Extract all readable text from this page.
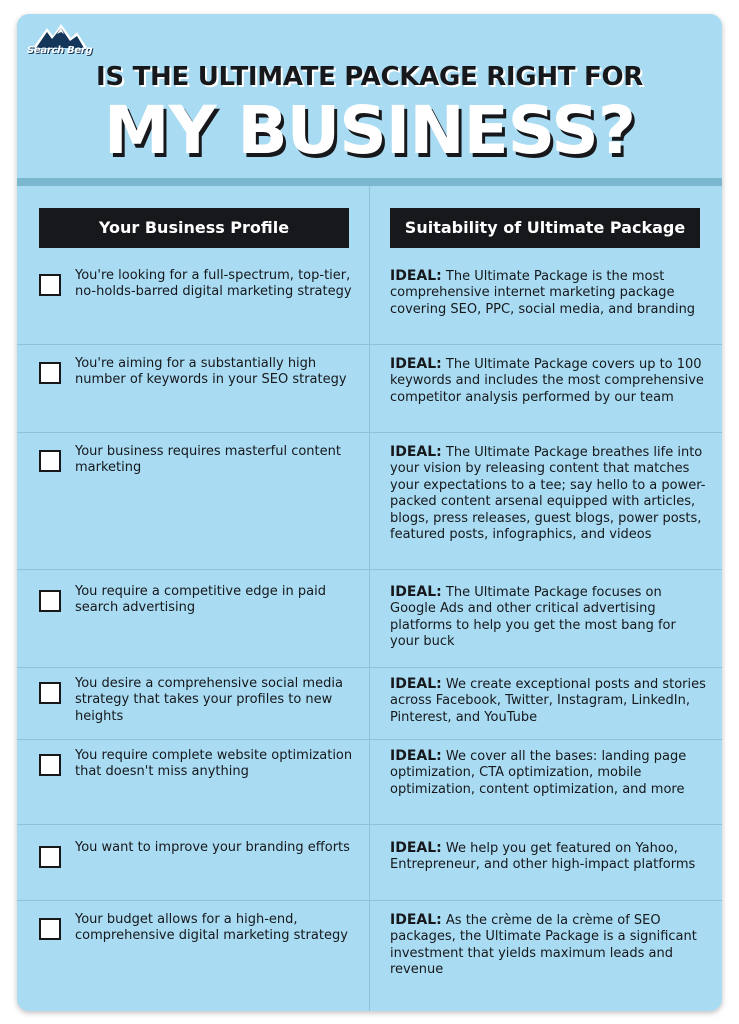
Search Berg
IS THE ULTIMATE PACKAGE RIGHT FOR
MY BUSINESS?
Your Business Profile	Suitability of Ultimate Package
You're looking for a full-spectrum, top-tier, no-holds-barred digital marketing strategy
IDEAL: The Ultimate Package is the most comprehensive internet marketing package covering SEO, PPC, social media, and branding
You're aiming for a substantially high number of keywords in your SEO strategy
IDEAL: The Ultimate Package covers up to 100 keywords and includes the most comprehensive competitor analysis performed by our team
Your business requires masterful content marketing
IDEAL: The Ultimate Package breathes life into your vision by releasing content that matches your expectations to a tee; say hello to a power-packed content arsenal equipped with articles, blogs, press releases, guest blogs, power posts, featured posts, infographics, and videos
You require a competitive edge in paid search advertising
IDEAL: The Ultimate Package focuses on Google Ads and other critical advertising platforms to help you get the most bang for your buck
You desire a comprehensive social media strategy that takes your profiles to new heights
IDEAL: We create exceptional posts and stories across Facebook, Twitter, Instagram, LinkedIn, Pinterest, and YouTube
You require complete website optimization that doesn't miss anything
IDEAL: We cover all the bases: landing page optimization, CTA optimization, mobile optimization, content optimization, and more
You want to improve your branding efforts	IDEAL: We help you get featured on Yahoo, Entrepreneur, and other high-impact platforms
Your budget allows for a high-end, comprehensive digital marketing strategy
IDEAL: As the crème de la crème of SEO packages, the Ultimate Package is a significant investment that yields maximum leads and revenue
